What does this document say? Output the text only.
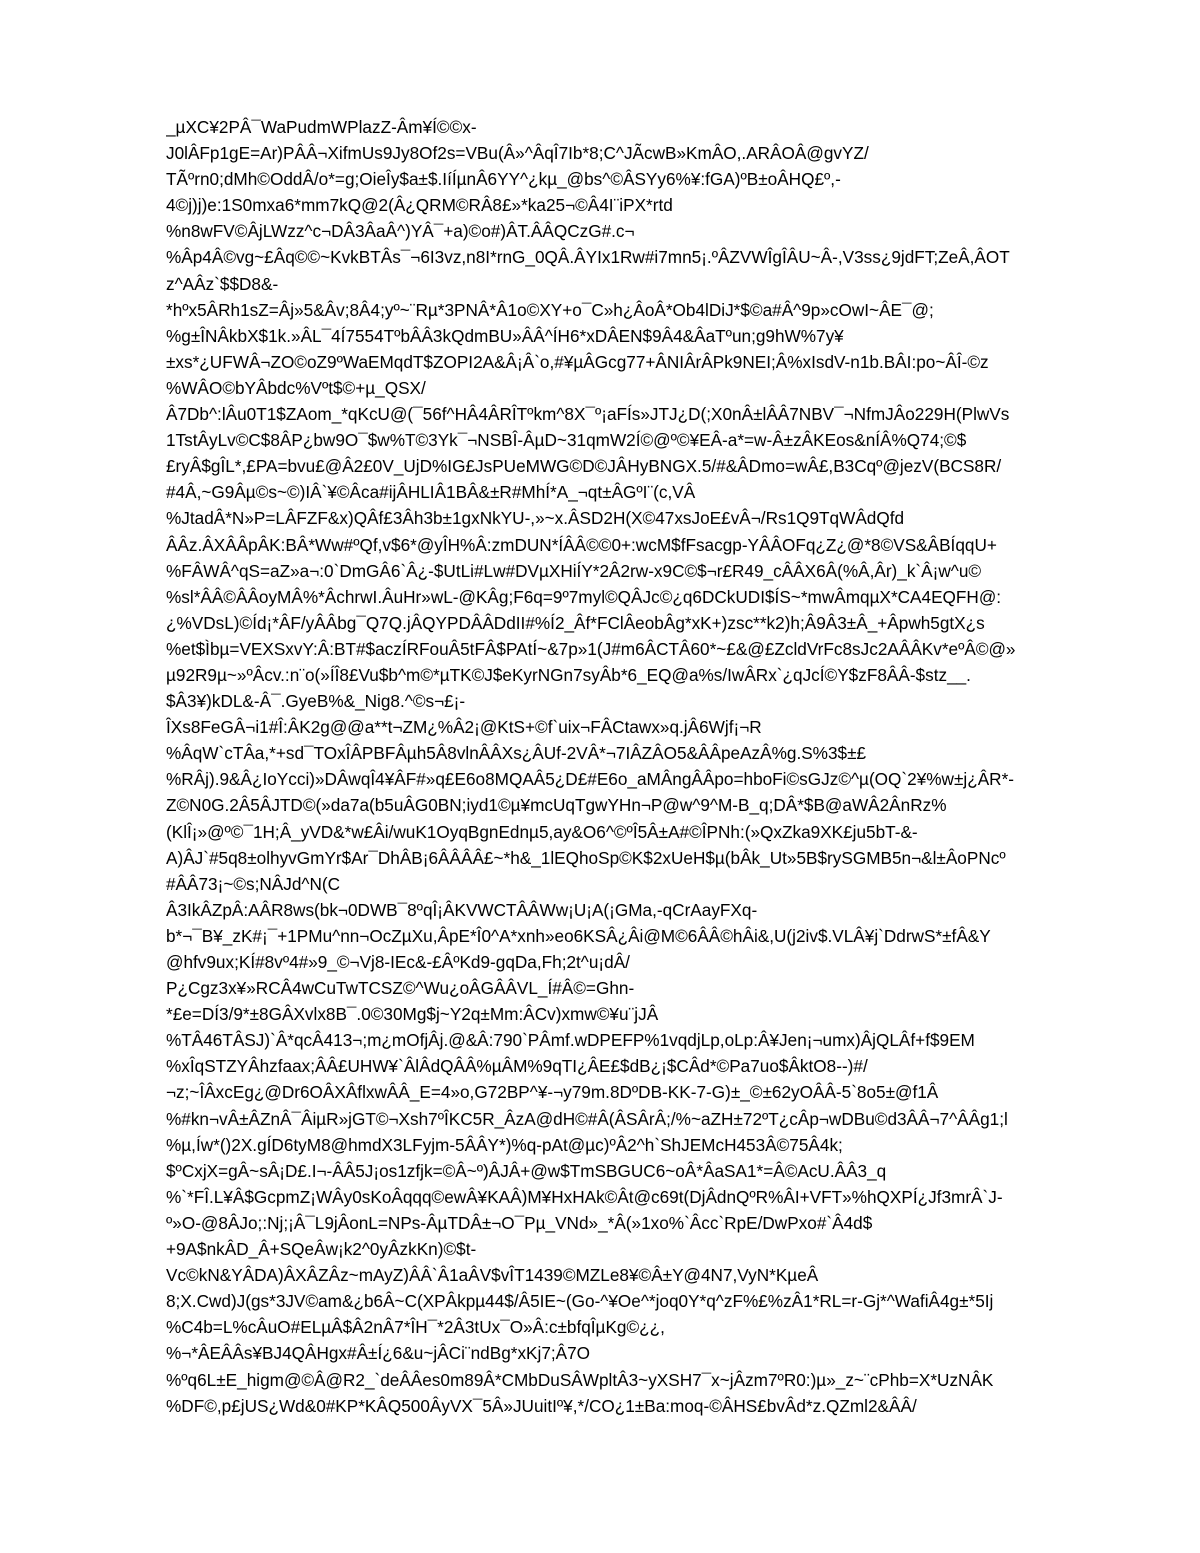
_µXC¥2PÂ¯WaPudmWPlazZ-Âm¥Í©©x-
J0lÂFp1gE=Ar)PÂÂ¬XifmUs9Jy8Of2s=VBu(Â»^ÂqÎ7Ib*8;C^JÃcwB»KmÂO,.ARÂOÂ@gvYZ/
TÃºrn0;dMh©OddÂ/o*=g;OieÎy$a±$.IíÍµnÂ6YY^¿kµ_@bs^©ÂSYy6%¥:fGA)ºB±oÂHQ£º,-
4©j)j)e:1S0mxa6*mm7kQ@2(Â¿QRM©RÂ8£»*ka25¬©Â4I¨iPX*rtd
%n8wFV©ÂjLWzz^c¬DÂ3ÂaÂ^)YÂ¯+a)©o#)ÂT.ÂÂQCzG#.c¬
%Âp4Â©vg~£Âq©©~KvkBTÂs¯¬6I3vz,n8I*rnG_0QÂ.ÂYIx1Rw#i7mn5¡.ºÂZVWÎgÎÂU~Â-,V3ss¿9jdFT;ZeÂ,ÂOT
z^AÂz`$$D8&-
*hºx5ÂRh1sZ=Âj»5&Âv;8Â4;yº~¨Rµ*3PNÂ*Â1o©XY+o¯C»h¿ÂoÂ*Ob4lDiJ*$©a#Â^9p»cOwI~ÂE¯@;
%g±ÎNÂkbX$1k.»ÂL¯4Í7554TºbÂÂ3kQdmBU»ÂÂ^ÍH6*xDÂEN$9Â4&ÂaTºun;g9hW%7y¥
±xs*¿UFWÂ¬ZO©oZ9ºWaEMqdT$ZOPI2A&Â¡Â`o,#¥µÂGcg77+ÂNIÂrÂPk9NEI;Â%xIsdV-n1b.BÂI:po~ÂÎ-©z
%WÂO©bYÂbdc%Vºt$©+µ_QSX/
Â7Db^:lÂu0T1$ZAom_*qKcU@(¯56f^HÂ4ÂRÎTºkm^8X¯º¡aFÍs»JTJ¿D(;X0nÂ±lÂÂ7NBV¯¬NfmJÂo229H(PlwVs
1TstÂyLv©C$8ÂP¿bw9O¯$w%T©3Yk¯¬NSBÎ-ÂµD~31qmW2Í©@º©¥EÂ-a*=w-Â±zÂKEos&nÍÂ%Q74;©$
£ryÂ$gÎL*,£PA=bvu£@Â2£0V_UjD%IG£JsPUeMWG©D©JÂHyBNGX.5/#&ÂDmo=wÂ£,B3Cqº@jezV(BCS8R/
#4Â,~G9Âµ©s~©)IÂ`¥©Âca#ijÂHLIÂ1BÂ&±R#MhÍ*A_¬qt±ÂGºI¨(c,VÂ
%JtadÂ*N»P=LÂFZF&x)QÂf£3Âh3b±1gxNkYU-,»~x.ÂSD2H(X©47xsJoE£vÂ¬/Rs1Q9TqWÂdQfd
ÂÂz.ÂXÂÂpÂK:BÂ*Ww#ºQf,v$6*@yÎH%Â:zmDUN*ÍÂÂ©©0+:wcM$fFsacgp-YÂÂOFq¿Z¿@*8©VS&ÂBÍqqU+
%FÂWÂ^qS=aZ»a¬:0`DmGÂ6`Â¿-$UtLi#Lw#DVµXHiÍY*2Â2rw-x9C©$¬r£R49_cÂÂX6Â(%Â,Âr)_k`Â¡w^u©
%sl*ÂÂ©ÂÂoyMÂ%*ÂchrwI.ÂuHr»wL-@KÂg;F6q=9º7myl©QÂJc©¿q6DCkUDI$ÍS~*mwÂmqµX*CA4EQFH@:
¿%VDsL)©Íd¡*ÂF/yÂÂbg¯Q7Q.jÂQYPDÂÂDdII#%Í2_Âf*FClÂeobÂg*xK+)zsc**k2)h;Â9Â3±Â_+Âpwh5gtX¿s
%et$Ìbµ=VEXSxvY:Â:BT#$aczÍRFouÂ5tFÂ$PAtÍ~&7p»1(J#m6ÂCTÂ60*~£&@£ZcldVrFc8sJc2AÂÂKv*eºÂ©@»
µ92R9µ~»ºÂcv.:n¨o(»ÍÎ8£Vu$b^m©*µTK©J$eKyrNGn7syÂb*6_EQ@a%s/IwÂRx`¿qJcÍ©Y$zF8ÂÂ-$stz__.
$Â3¥)kDL&-Â¯.GyeB%&_Nig8.^©s¬£¡-
ÎXs8FeGÂ¬i1#Î:ÂK2g@@a**t¬ZM¿%Â2¡@KtS+©f`uix¬FÂCtawx»q.jÂ6Wjf¡¬R
%ÂqW`cTÂa,*+sd¯TOxÎÂPBFÂµh5Â8vlnÂÂXs¿ÂUf-2VÂ*¬7IÂZÂO5&ÂÂpeAzÂ%g.S%3$±£
%RÂj).9&Â¿IoYcci)»DÂwqÎ4¥ÂF#»q£E6o8MQAÂ5¿D£#E6o_aMÂngÂÂpo=hboFi©sGJz©^µ(OQ`2¥%w±j¿ÂR*-
Z©N0G.2Â5ÂJTD©(»da7a(b5uÂG0BN;iyd1©µ¥mcUqTgwYHn¬P@w^9^M-B_q;DÂ*$B@aWÂ2ÂnRz%
(KlÎ¡»@º©¯1H;Â_yVD&*w£Âi/wuK1OyqBgnEdnµ5,ay&O6^©ºÎ5Â±A#©ÎPNh:(»QxZka9XK£ju5bT-&-
A)ÂJ`#5q8±olhyvGmYr$Ar¯DhÂB¡6ÂÂÂÂ£~*h&_1lEQhoSp©K$2xUeH$µ(bÂk_Ut»5B$rySGMB5n¬&l±ÂoPNcº
#ÂÂ73¡~©s;NÂJd^N(C
Â3IkÂZpÂ:AÂR8ws(bk¬0DWB¯8ºqÎ¡ÂKVWCTÂÂWw¡U¡A(¡GMa,-qCrAayFXq-
b*¬¯B¥_zK#¡¯+1PMu^nn¬OcZµXu,ÂpE*Î0^A*xnh»eo6KSÂ¿Âi@M©6ÂÂ©hÂi&,U(j2iv$.VLÂ¥j`DdrwS*±fÂ&Y
@hfv9ux;KÍ#8vº4#»9_©¬Vj8-IEc&-£ÂºKd9-gqDa,Fh;2t^u¡dÂ/
P¿Cgz3x¥»RCÂ4wCuTwTCSZ©^Wu¿oÂGÂÂVL_Í#Â©=Ghn-
*£e=DÍ3/9*±8GÂXvlx8B¯.0©30Mg$j~Y2q±Mm:ÂCv)xmw©¥u¨jJÂ
%TÂ46TÂSJ)`Â*qcÂ413¬;m¿mOfjÂj.@&Â:790`PÂmf.wDPEFP%1vqdjLp,oLp:Â¥Jen¡¬umx)ÂjQLÂf+f$9EM
%xÎqSTZYÂhzfaax;ÂÂ£UHW¥`ÂlÂdQÂÂ%µÂM%9qTI¿ÂE£$dB¿¡$CÂd*©Pa7uo$ÂktO8--)#/
¬z;~ÎÂxcEg¿@Dr6OÂXÂflxwÂÂ_E=4»o,G72BP^¥-¬y79m.8DºDB-KK-7-G)±_©±62yOÂÂ-5`8o5±@f1Â
%#kn¬vÂ±ÂZnÂ¯ÂiµR»jGT©¬Xsh7ºÎKC5R_ÂzA@dH©#Â(ÂSÂrÂ;/%~aZH±72ºT¿cÂp¬wDBu©d3ÂÂ¬7^ÂÂg1;l
%µ,Íw*()2X.gÍD6tyM8@hmdX3LFyjm-5ÂÂY*)%q-pAt@µc)ºÂ2^h`ShJEMcH453Â©75Â4k;
$ºCxjX=gÂ~sÂ¡D£.I¬-ÂÂ5J¡os1zfjk=©Â~º)ÂJÂ+@w$TmSBGUC6~oÂ*ÂaSA1*=Â©AcU.ÂÂ3_q
%`*FÎ.L¥Â$GcpmZ¡WÂy0sKoÂqqq©ewÂ¥KAÂ)M¥HxHAk©Ât@c69t(DjÂdnQºR%ÂI+VFT»%hQXPÍ¿Jf3mrÂ`J-
º»O-@8ÂJo;:Nj;¡Â¯L9jÂonL=NPs-ÂµTDÂ±¬O¯Pµ_VNd»_*Â(»1xo%`Âcc`RpE/DwPxo#`Â4d$
+9A$nkÂD_Â+SQeÂw¡k2^0yÂzkKn)©$t-
Vc©kN&YÂDA)ÂXÂZÂz~mAyZ)ÂÂ`Â1aÂV$vÎT1439©MZLe8¥©Â±Y@4N7,VyN*KµeÂ
8;X.Cwd)J(gs*3JV©am&¿b6Â~C(XPÂkpµ44$/Â5IE~(Go-^¥Oe^*joq0Y*q^zF%£%zÂ1*RL=r-Gj*^WafiÂ4g±*5Ij
%C4b=L%cÂuO#ELµÂ$Â2nÂ7*ÎH¯*2Â3tUx¯O»Â:c±bfqÎµKg©¿¿,
%¬*ÂEÂÂs¥BJ4QÂHgx#Â±Í¿6&u~jÂCi¨ndBg*xKj7;Â7O
%ºq6L±E_higm@©Â@R2_`deÂÂes0m89Â*CMbDuSÂWpltÂ3~yXSH7¯x~jÂzm7ºR0:)µ»_z~¨cPhb=X*UzNÂK
%DF©,p£jUS¿Wd&0#KP*KÂQ500ÂyVX¯5Â»JUuitIº¥,*/CO¿1±Ba:moq-©ÂHS£bvÂd*z.QZml2&ÂÂ/
